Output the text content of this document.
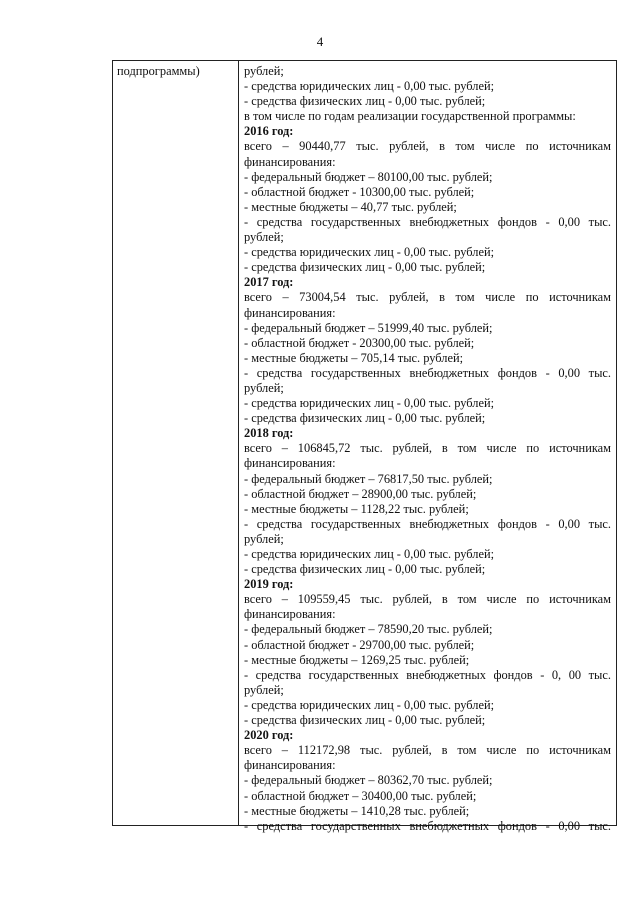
4
подпрограммы)	рублей;
- средства юридических лиц - 0,00 тыс. рублей;
- средства физических лиц - 0,00 тыс. рублей;
в том числе по годам реализации государственной программы:
2016 год:
всего – 90440,77 тыс. рублей, в том числе по источникам
финансирования:
- федеральный бюджет – 80100,00 тыс. рублей;
- областной бюджет - 10300,00 тыс. рублей;
- местные бюджеты – 40,77 тыс. рублей;
- средства государственных внебюджетных фондов - 0,00 тыс.
рублей;
- средства юридических лиц - 0,00 тыс. рублей;
- средства физических лиц - 0,00 тыс. рублей;
2017 год:
всего – 73004,54 тыс. рублей, в том числе по источникам
финансирования:
- федеральный бюджет – 51999,40 тыс. рублей;
- областной бюджет - 20300,00 тыс. рублей;
- местные бюджеты – 705,14 тыс. рублей;
- средства государственных внебюджетных фондов - 0,00 тыс.
рублей;
- средства юридических лиц - 0,00 тыс. рублей;
- средства физических лиц - 0,00 тыс. рублей;
2018 год:
всего – 106845,72 тыс. рублей, в том числе по источникам
финансирования:
- федеральный бюджет – 76817,50 тыс. рублей;
- областной бюджет – 28900,00 тыс. рублей;
- местные бюджеты – 1128,22 тыс. рублей;
- средства государственных внебюджетных фондов - 0,00 тыс.
рублей;
- средства юридических лиц - 0,00 тыс. рублей;
- средства физических лиц - 0,00 тыс. рублей;
2019 год:
всего – 109559,45 тыс. рублей, в том числе по источникам
финансирования:
- федеральный бюджет – 78590,20 тыс. рублей;
- областной бюджет - 29700,00 тыс. рублей;
- местные бюджеты – 1269,25 тыс. рублей;
- средства государственных внебюджетных фондов - 0, 00 тыс.
рублей;
- средства юридических лиц - 0,00 тыс. рублей;
- средства физических лиц - 0,00 тыс. рублей;
2020 год:
всего – 112172,98 тыс. рублей, в том числе по источникам
финансирования:
- федеральный бюджет – 80362,70 тыс. рублей;
- областной бюджет – 30400,00 тыс. рублей;
- местные бюджеты – 1410,28 тыс. рублей;
- средства государственных внебюджетных фондов - 0,00 тыс.
